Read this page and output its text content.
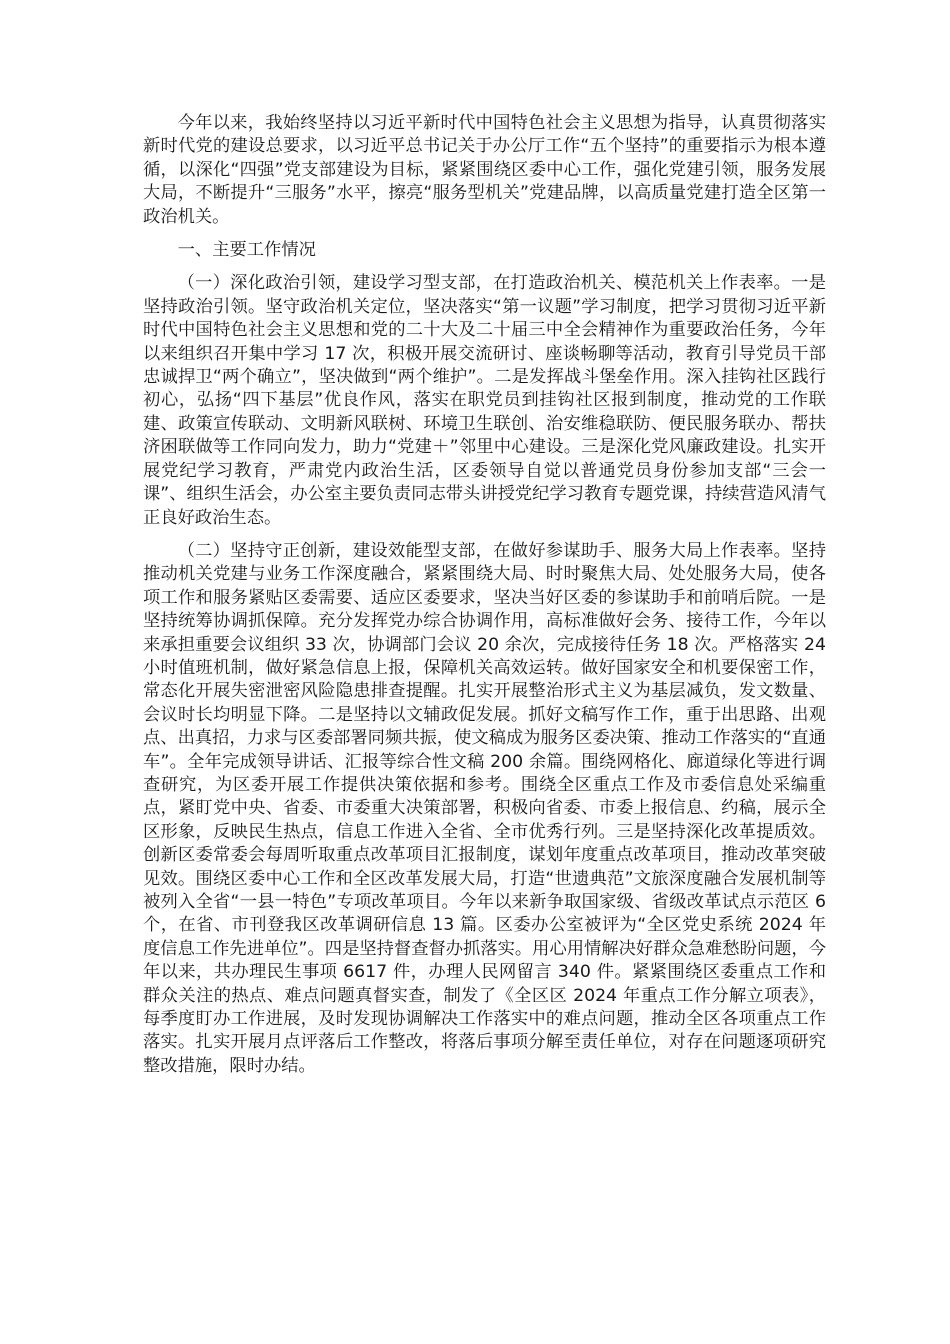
今年以来，我始终坚持以习近平新时代中国特色社会主义思想为指导，认真贯彻落实新时代党的建设总要求，以习近平总书记关于办公厅工作“五个坚持”的重要指示为根本遵循，以深化“四强”党支部建设为目标，紧紧围绕区委中心工作，强化党建引领，服务发展大局，不断提升“三服务”水平，擦亮“服务型机关”党建品牌，以高质量党建打造全区第一政治机关。

一、主要工作情况

（一）深化政治引领，建设学习型支部，在打造政治机关、模范机关上作表率。一是坚持政治引领。坚守政治机关定位，坚决落实“第一议题”学习制度，把学习贯彻习近平新时代中国特色社会主义思想和党的二十大及二十届三中全会精神作为重要政治任务，今年以来组织召开集中学习 17 次，积极开展交流研讨、座谈畅聊等活动，教育引导党员干部忠诚捍卫“两个确立”，坚决做到“两个维护”。二是发挥战斗堡垒作用。深入挂钩社区践行初心，弘扬“四下基层”优良作风，落实在职党员到挂钩社区报到制度，推动党的工作联建、政策宣传联动、文明新风联树、环境卫生联创、治安维稳联防、便民服务联办、帮扶济困联做等工作同向发力，助力“党建＋”邻里中心建设。三是深化党风廉政建设。扎实开展党纪学习教育，严肃党内政治生活，区委领导自觉以普通党员身份参加支部“三会一课”、组织生活会，办公室主要负责同志带头讲授党纪学习教育专题党课，持续营造风清气正良好政治生态。

（二）坚持守正创新，建设效能型支部，在做好参谋助手、服务大局上作表率。坚持推动机关党建与业务工作深度融合，紧紧围绕大局、时时聚焦大局、处处服务大局，使各项工作和服务紧贴区委需要、适应区委要求，坚决当好区委的参谋助手和前哨后院。一是坚持统筹协调抓保障。充分发挥党办综合协调作用，高标准做好会务、接待工作，今年以来承担重要会议组织 33 次，协调部门会议 20 余次，完成接待任务 18 次。严格落实 24 小时值班机制，做好紧急信息上报，保障机关高效运转。做好国家安全和机要保密工作，常态化开展失密泄密风险隐患排查提醒。扎实开展整治形式主义为基层减负，发文数量、会议时长均明显下降。二是坚持以文辅政促发展。抓好文稿写作工作，重于出思路、出观点、出真招，力求与区委部署同频共振，使文稿成为服务区委决策、推动工作落实的“直通车”。全年完成领导讲话、汇报等综合性文稿 200 余篇。围绕网格化、廊道绿化等进行调查研究，为区委开展工作提供决策依据和参考。围绕全区重点工作及市委信息处采编重点，紧盯党中央、省委、市委重大决策部署，积极向省委、市委上报信息、约稿，展示全区形象，反映民生热点，信息工作进入全省、全市优秀行列。三是坚持深化改革提质效。创新区委常委会每周听取重点改革项目汇报制度，谋划年度重点改革项目，推动改革突破见效。围绕区委中心工作和全区改革发展大局，打造“世遗典范”文旅深度融合发展机制等被列入全省“一县一特色”专项改革项目。今年以来新争取国家级、省级改革试点示范区 6 个，在省、市刊登我区改革调研信息 13 篇。区委办公室被评为“全区党史系统 2024 年度信息工作先进单位”。四是坚持督查督办抓落实。用心用情解决好群众急难愁盼问题，今年以来，共办理民生事项 6617 件，办理人民网留言 340 件。紧紧围绕区委重点工作和群众关注的热点、难点问题真督实查，制发了《全区区 2024 年重点工作分解立项表》，每季度盯办工作进展，及时发现协调解决工作落实中的难点问题，推动全区各项重点工作落实。扎实开展月点评落后工作整改，将落后事项分解至责任单位，对存在问题逐项研究整改措施，限时办结。
